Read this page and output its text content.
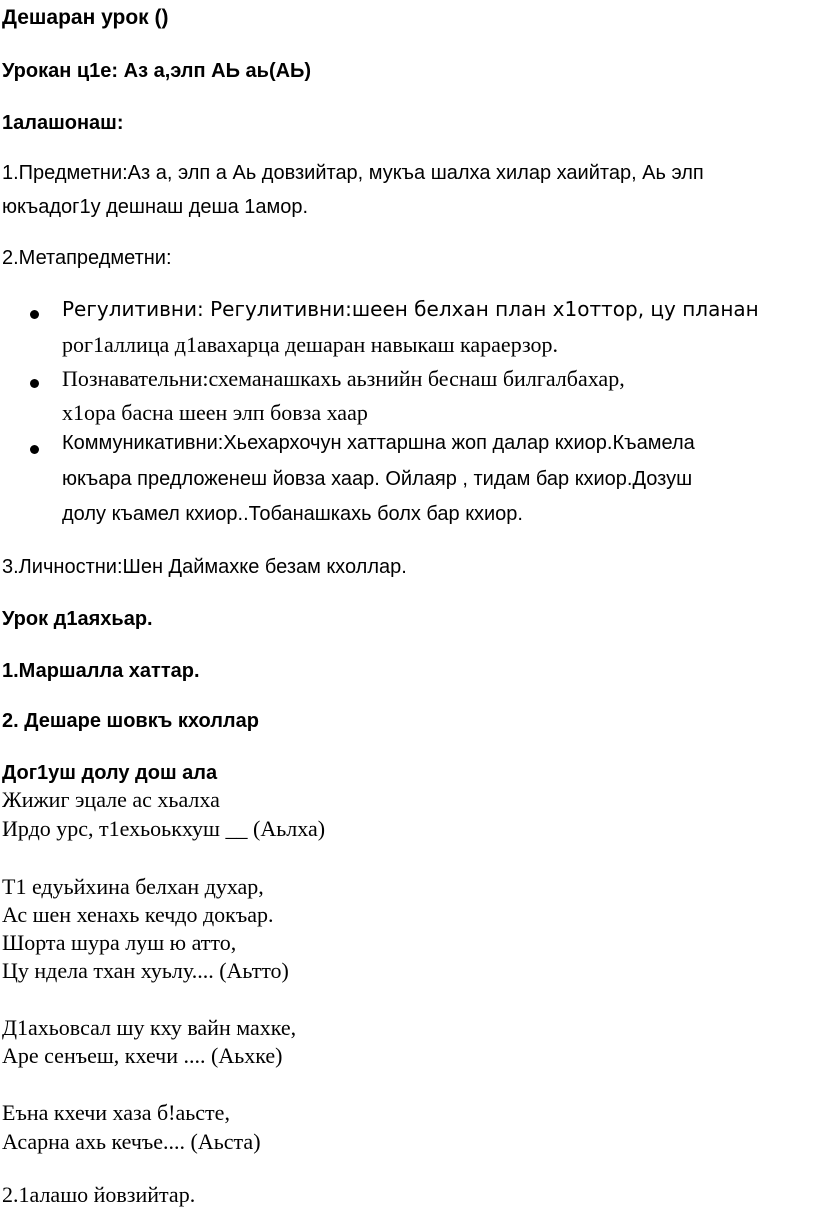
Дешаран урок ()
Урокан ц1е: Аз а,элп АЬ аь(АЬ)
1алашонаш:
1.Предметни:Аз а, элп а Аь довзийтар, мукъа шалха хилар хаийтар, Аь элп
юкъадог1у дешнаш деша 1амор.
2.Метапредметни:
Регулитивни: Регулитивни:шеен белхан план х1оттор, цу планан
рог1аллица д1авахарца дешаран навыкаш караерзор.
Познавательни:схеманашкахь аьзнийн беснаш билгалбахар,
х1ора басна шеен элп бовза хаар
Коммуникативни:Хьехархочун хаттаршна жоп далар кхиор.Къамела
юкъара предложенеш йовза хаар. Ойлаяр , тидам бар кхиор.Дозуш
долу къамел кхиор..Тобанашкахь болх бар кхиор.
3.Личностни:Шен Даймахке безам кхоллар.
Урок д1аяхьар.
1.Маршалла хаттар.
2. Дешаре шовкъ кхоллар
Дог1уш долу дош ала
Жижиг эцале ас хьалха
Ирдо урс, т1ехьоькхуш __ (Аьлха)
Т1 едуьйхина белхан духар,
Ас шен хенахь кечдо докъар.
Шорта шура луш ю атто,
Цу ндела тхан хуьлу.... (Аьтто)
Д1ахьовсал шу кху вайн махке,
Аре сенъеш, кхечи .... (Аьхке)
Еъна кхечи хаза б!аьсте,
Асарна ахь кечъе.... (Аьста)
2.1алашо йовзийтар.
